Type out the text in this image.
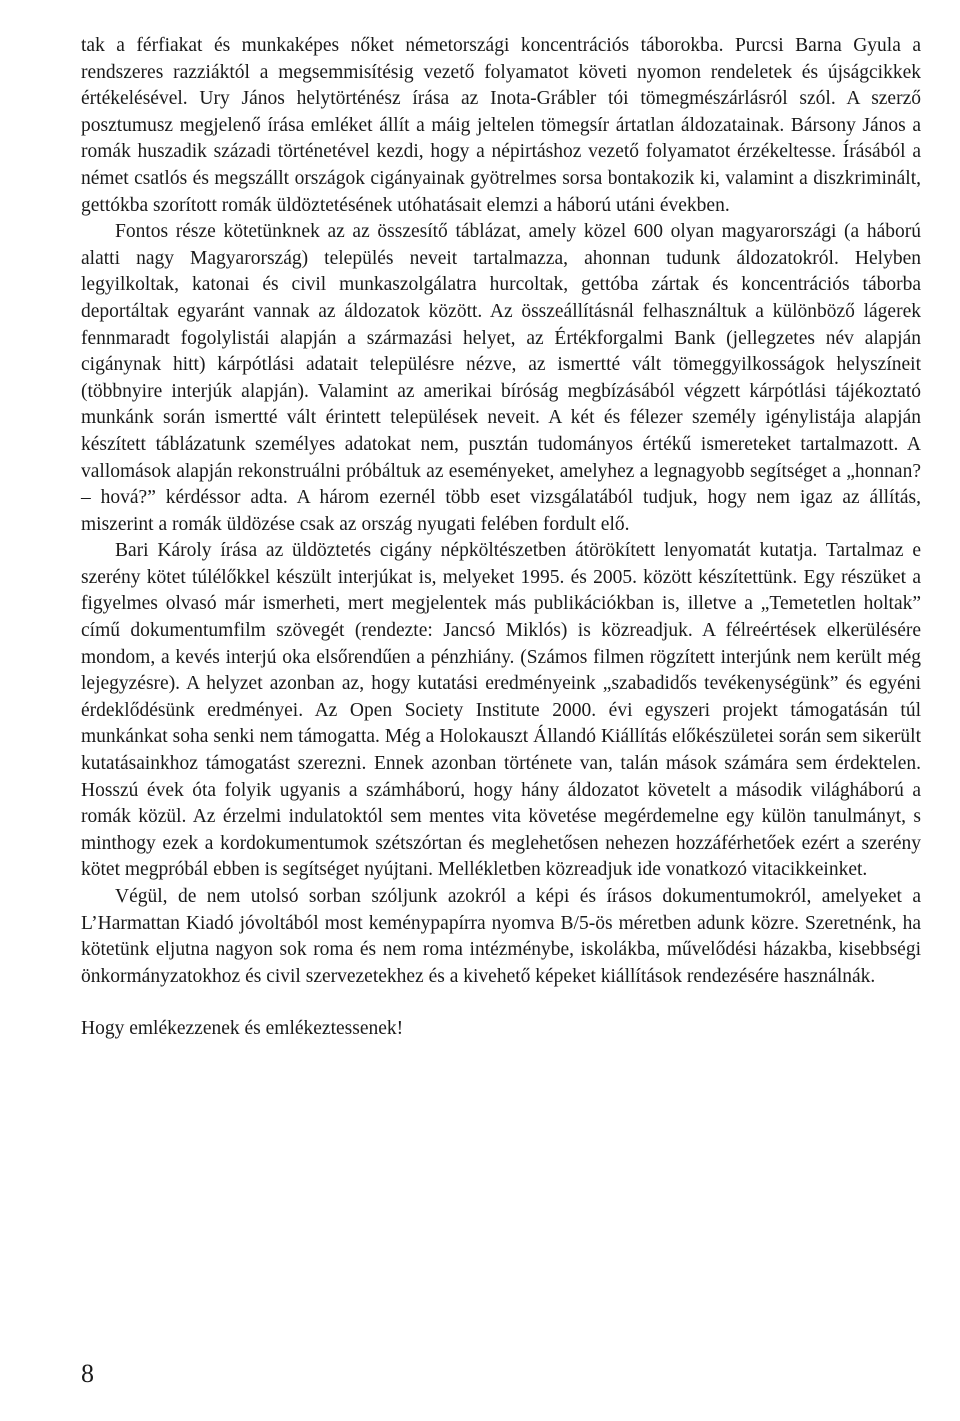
tak a férfiakat és munkaképes nőket németországi koncentrációs táborokba. Purcsi Barna Gyula a rendszeres razziáktól a megsemmisítésig vezető folyamatot követi nyomon rendeletek és újságcikkek értékelésével. Ury János helytörténész írása az Inota-Grábler tói tömegmészárlásról szól. A szerző posztumusz megjelenő írása emléket állít a máig jeltelen tömegsír ártatlan áldozatainak. Bársony János a romák huszadik századi történetével kezdi, hogy a népirtáshoz vezető folyamatot érzékeltesse. Írásából a német csatlós és megszállt országok cigányainak gyötrelmes sorsa bontakozik ki, valamint a diszkriminált, gettókba szorított romák üldöztetésének utóhatásait elemzi a háború utáni években.

Fontos része kötetünknek az az összesítő táblázat, amely közel 600 olyan magyarországi (a háború alatti nagy Magyarország) település neveit tartalmazza, ahonnan tudunk áldozatokról. Helyben legyilkoltak, katonai és civil munkaszolgálatra hurcoltak, gettóba zártak és koncentrációs táborba deportáltak egyaránt vannak az áldozatok között. Az összeállításnál felhasználtuk a különböző lágerek fennmaradt fogolylistái alapján a származási helyet, az Értékforgalmi Bank (jellegzetes név alapján cigánynak hitt) kárpótlási adatait településre nézve, az ismertté vált tömeggyilkosságok helyszíneit (többnyire interjúk alapján). Valamint az amerikai bíróság megbízásából végzett kárpótlási tájékoztató munkánk során ismertté vált érintett települések neveit. A két és félezer személy igénylistája alapján készített táblázatunk személyes adatokat nem, pusztán tudományos értékű ismereteket tartalmazott. A vallomások alapján rekonstruálni próbáltuk az eseményeket, amelyhez a legnagyobb segítséget a „honnan? – hová?” kérdéssor adta. A három ezernél több eset vizsgálatából tudjuk, hogy nem igaz az állítás, miszerint a romák üldözése csak az ország nyugati felében fordult elő.

Bari Károly írása az üldöztetés cigány népköltészetben átörökített lenyomatát kutatja. Tartalmaz e szerény kötet túlélőkkel készült interjúkat is, melyeket 1995. és 2005. között készítettünk. Egy részüket a figyelmes olvasó már ismerheti, mert megjelentek más publikációkban is, illetve a „Temetetlen holtak” című dokumentumfilm szövegét (rendezte: Jancsó Miklós) is közreadjuk. A félreértések elkerülésére mondom, a kevés interjú oka elsőrendűen a pénzhiány. (Számos filmen rögzített interjúnk nem került még lejegyzésre). A helyzet azonban az, hogy kutatási eredményeink „szabadidős tevékenységünk” és egyéni érdeklődésünk eredményei. Az Open Society Institute 2000. évi egyszeri projekt támogatásán túl munkánkat soha senki nem támogatta. Még a Holokauszt Állandó Kiállítás előkészületei során sem sikerült kutatásainkhoz támogatást szerezni. Ennek azonban története van, talán mások számára sem érdektelen. Hosszú évek óta folyik ugyanis a számháború, hogy hány áldozatot követelt a második világháború a romák közül. Az érzelmi indulatoktól sem mentes vita követése megérdemelne egy külön tanulmányt, s minthogy ezek a kordokumentumok szétszórtan és meglehetősen nehezen hozzáférhetőek ezért a szerény kötet megpróbál ebben is segítséget nyújtani. Mellékletben közreadjuk ide vonatkozó vitacikkeinket.

Végül, de nem utolsó sorban szóljunk azokról a képi és írásos dokumentumokról, amelyeket a L’Harmattan Kiadó jóvoltából most keménypapírra nyomva B/5-ös méretben adunk közre. Szeretnénk, ha kötetünk eljutna nagyon sok roma és nem roma intézménybe, iskolákba, művelődési házakba, kisebbségi önkormányzatokhoz és civil szervezetekhez és a kivehető képeket kiállítások rendezésére használnák.

Hogy emlékezzenek és emlékeztessenek!

8
